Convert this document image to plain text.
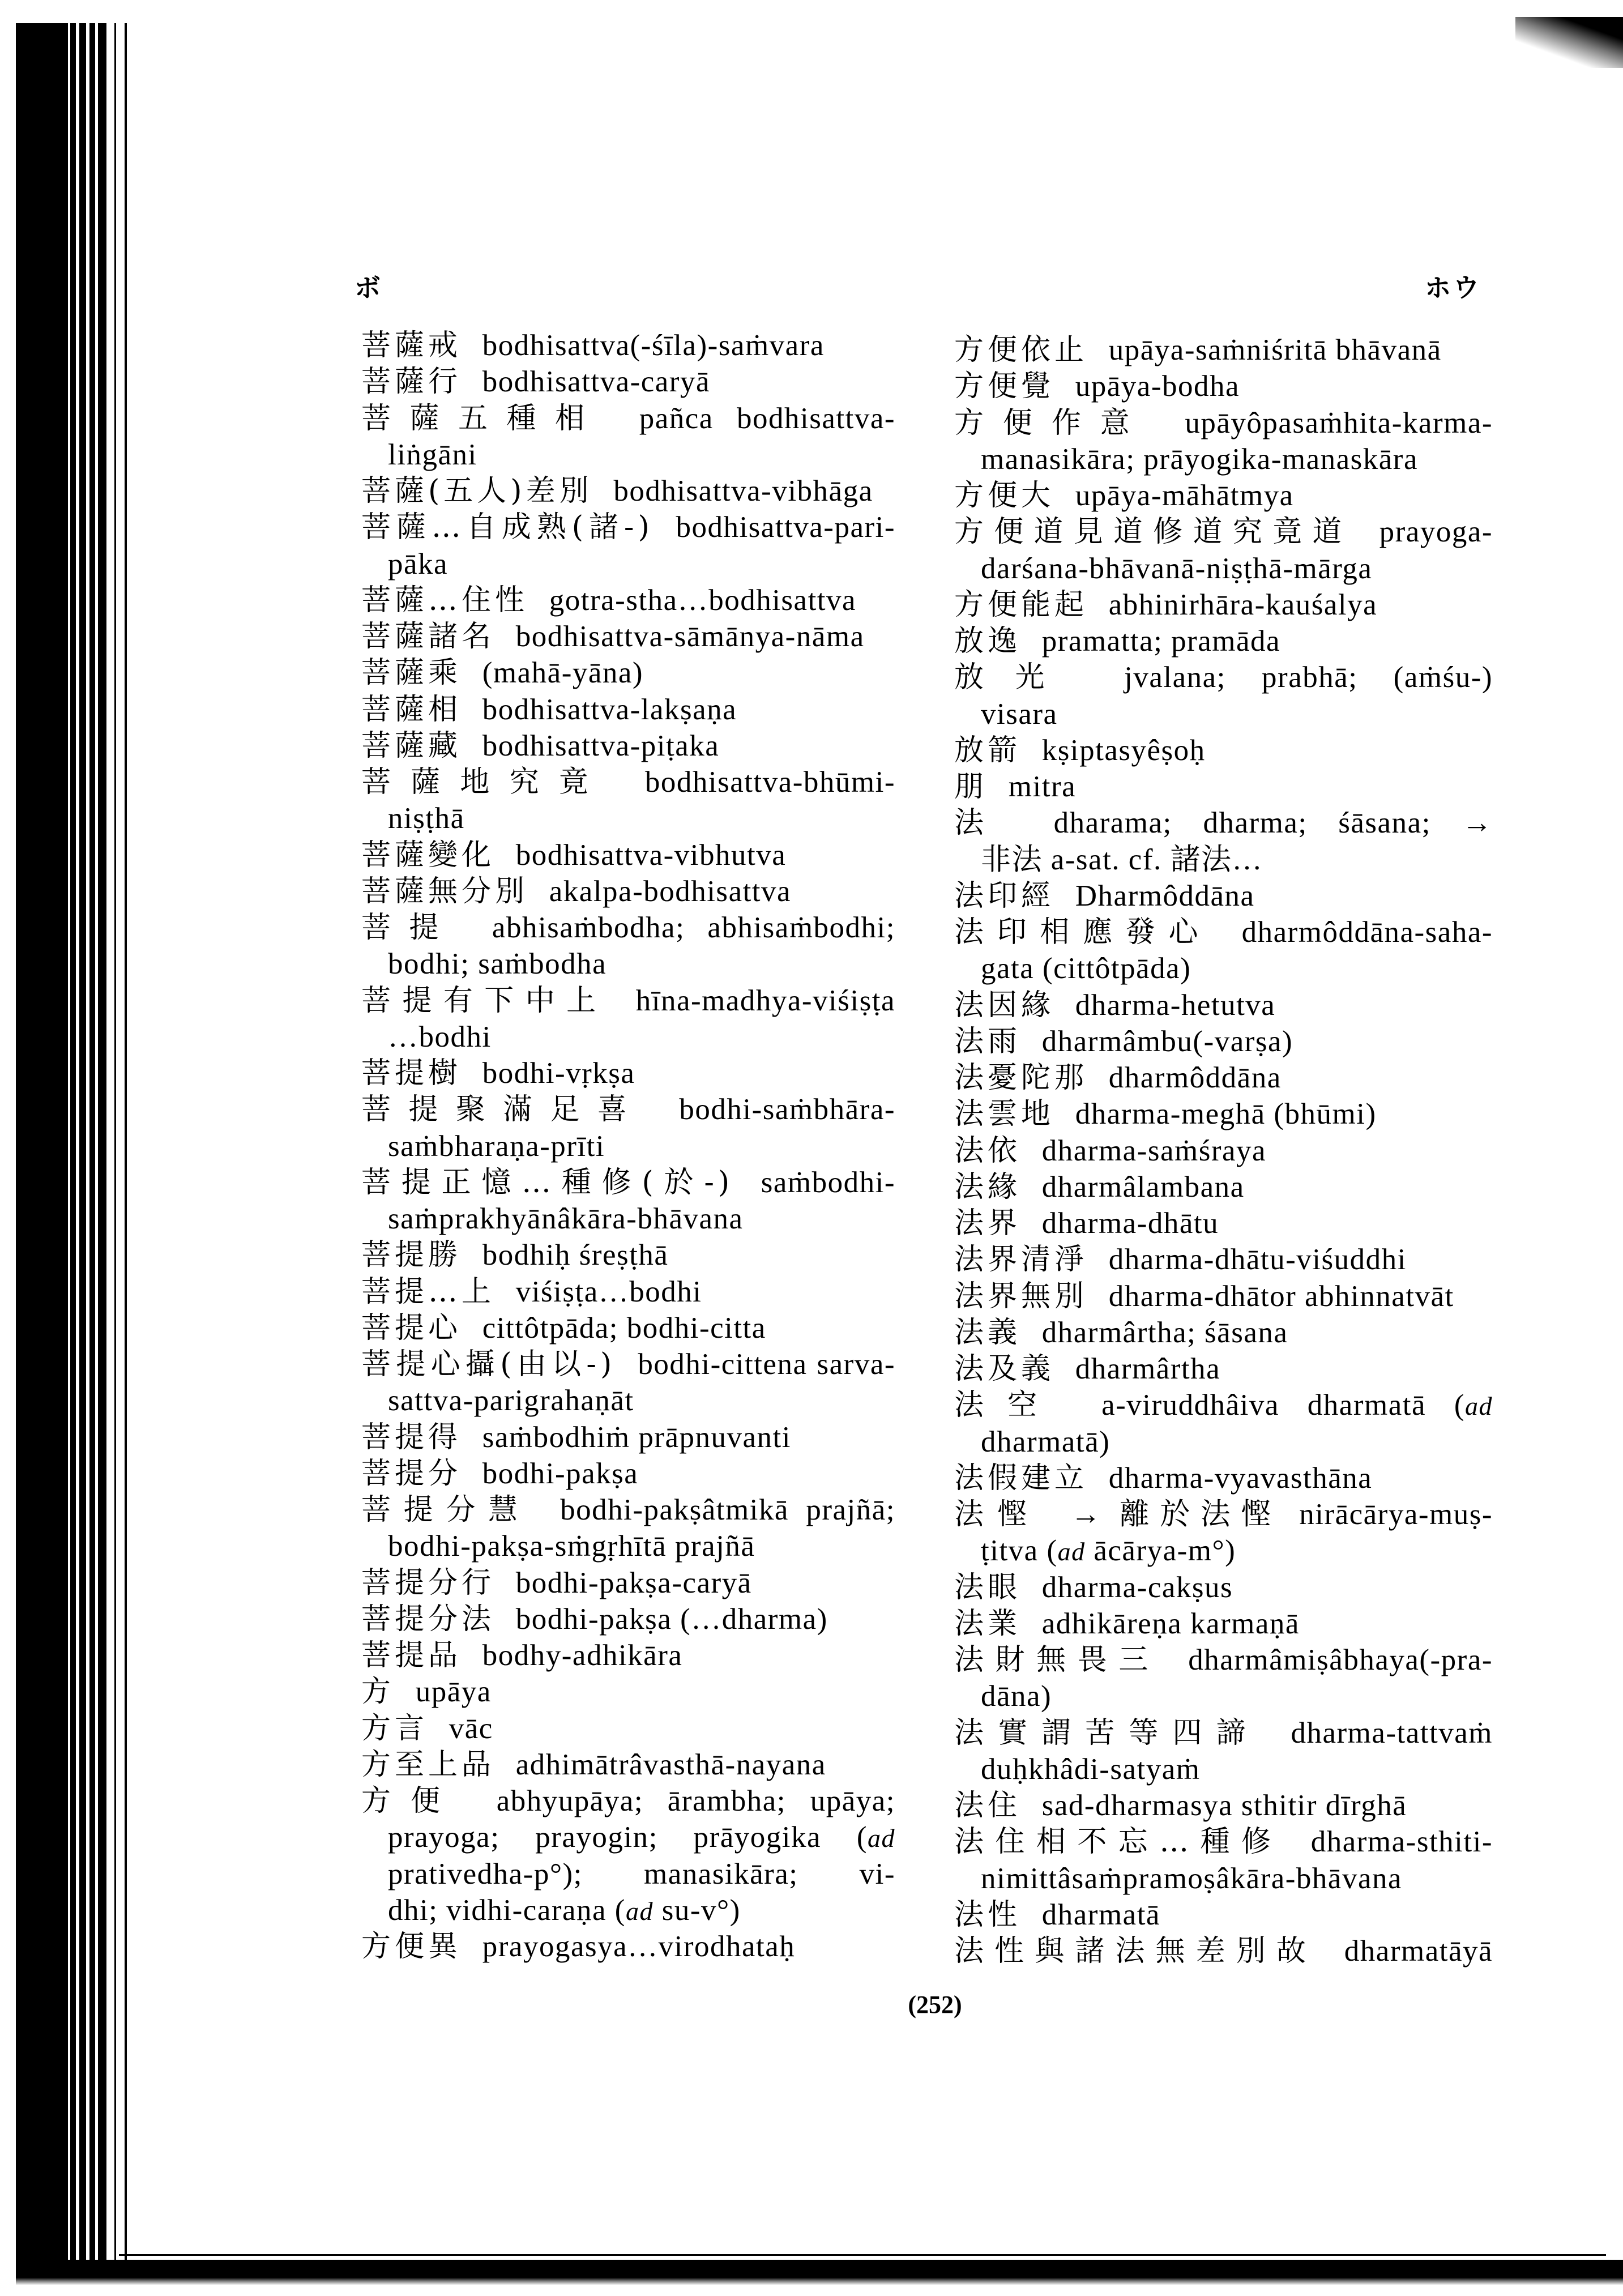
ボ	ホウ
菩薩戒 bodhisattva(-śīla)-saṁvara
菩薩行 bodhisattva-caryā
菩薩五種相 pañca bodhisattva-
liṅgāni
菩薩(五人)差別 bodhisattva-vibhāga
菩薩…自成熟(諸-) bodhisattva-pari-
pāka
菩薩…住性 gotra-stha…bodhisattva
菩薩諸名 bodhisattva-sāmānya-nāma
菩薩乘 (mahā-yāna)
菩薩相 bodhisattva-lakṣaṇa
菩薩藏 bodhisattva-piṭaka
菩薩地究竟 bodhisattva-bhūmi-
niṣṭhā
菩薩變化 bodhisattva-vibhutva
菩薩無分別 akalpa-bodhisattva
菩提 abhisaṁbodha; abhisaṁbodhi;
bodhi; saṁbodha
菩提有下中上 hīna-madhya-viśiṣṭa
…bodhi
菩提樹 bodhi-vṛkṣa
菩提聚滿足喜 bodhi-saṁbhāra-
saṁbharaṇa-prīti
菩提正憶…種修(於-) saṁbodhi-
saṁprakhyānâkāra-bhāvana
菩提勝 bodhiḥ śreṣṭhā
菩提…上 viśiṣṭa…bodhi
菩提心 cittôtpāda; bodhi-citta
菩提心攝(由以-) bodhi-cittena sarva-
sattva-parigrahaṇāt
菩提得 saṁbodhiṁ prāpnuvanti
菩提分 bodhi-pakṣa
菩提分慧 bodhi-pakṣâtmikā prajñā;
bodhi-pakṣa-sṁgṛhītā prajñā
菩提分行 bodhi-pakṣa-caryā
菩提分法 bodhi-pakṣa (…dharma)
菩提品 bodhy-adhikāra
方 upāya
方言 vāc
方至上品 adhimātrâvasthā-nayana
方便 abhyupāya; ārambha; upāya;
prayoga; prayogin; prāyogika (ad
prativedha-p°); manasikāra; vi-
dhi; vidhi-caraṇa (ad su-v°)
方便異 prayogasya…virodhataḥ
方便依止 upāya-saṁniśritā bhāvanā
方便覺 upāya-bodha
方便作意 upāyôpasaṁhita-karma-
manasikāra; prāyogika-manaskāra
方便大 upāya-māhātmya
方便道見道修道究竟道 prayoga-
darśana-bhāvanā-niṣṭhā-mārga
方便能起 abhinirhāra-kauśalya
放逸 pramatta; pramāda
放光 jvalana; prabhā; (aṁśu-)
visara
放箭 kṣiptasyêṣoḥ
朋 mitra
法 dharama; dharma; śāsana; →
非法 a-sat. cf. 諸法…
法印經 Dharmôddāna
法印相應發心 dharmôddāna-saha-
gata (cittôtpāda)
法因緣 dharma-hetutva
法雨 dharmâmbu(-varṣa)
法憂陀那 dharmôddāna
法雲地 dharma-meghā (bhūmi)
法依 dharma-saṁśraya
法緣 dharmâlambana
法界 dharma-dhātu
法界清淨 dharma-dhātu-viśuddhi
法界無別 dharma-dhātor abhinnatvāt
法義 dharmârtha; śāsana
法及義 dharmârtha
法空 a-viruddhâiva dharmatā (ad
dharmatā)
法假建立 dharma-vyavasthāna
法慳 → 離於法慳 nirācārya-muṣ-
ṭitva (ad ācārya-m°)
法眼 dharma-cakṣus
法業 adhikāreṇa karmaṇā
法財無畏三 dharmâmiṣâbhaya(-pra-
dāna)
法實謂苦等四諦 dharma-tattvaṁ
duḥkhâdi-satyaṁ
法住 sad-dharmasya sthitir dīrghā
法住相不忘…種修 dharma-sthiti-
nimittâsaṁpramoṣâkāra-bhāvana
法性 dharmatā
法性與諸法無差別故 dharmatāyā
(252)
